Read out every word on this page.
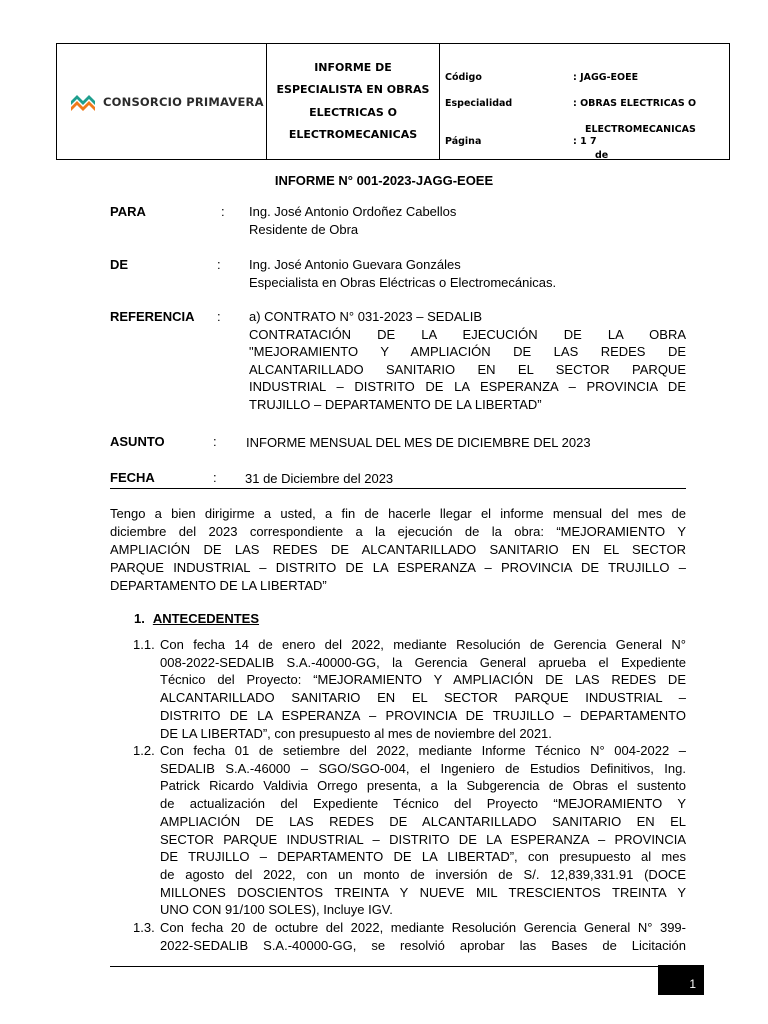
CONSORCIO PRIMAVERA
INFORME DE
ESPECIALISTA EN OBRAS
ELECTRICAS O
ELECTROMECANICAS
Código	: JAGG-EOEE
Especialidad	: OBRAS ELECTRICAS O
ELECTROMECANICAS
Página	: 1 7
de
INFORME N° 001-2023-JAGG-EOEE
PARA	: Ing. José Antonio Ordoñez Cabellos
Residente de Obra
DE	: Ing. José Antonio Guevara Gonzáles
Especialista en Obras Eléctricas o Electromecánicas.
REFERENCIA : a) CONTRATO N° 031-2023 – SEDALIB
CONTRATACIÓN DE LA EJECUCIÓN DE LA OBRA
"MEJORAMIENTO Y AMPLIACIÓN DE LAS REDES DE
ALCANTARILLADO SANITARIO EN EL SECTOR PARQUE
INDUSTRIAL – DISTRITO DE LA ESPERANZA – PROVINCIA DE
TRUJILLO – DEPARTAMENTO DE LA LIBERTAD”
ASUNTO	: INFORME MENSUAL DEL MES DE DICIEMBRE DEL 2023
FECHA	: 31 de Diciembre del 2023
Tengo a bien dirigirme a usted, a fin de hacerle llegar el informe mensual del mes de
diciembre del 2023 correspondiente a la ejecución de la obra: “MEJORAMIENTO Y
AMPLIACIÓN DE LAS REDES DE ALCANTARILLADO SANITARIO EN EL SECTOR
PARQUE INDUSTRIAL – DISTRITO DE LA ESPERANZA – PROVINCIA DE TRUJILLO –
DEPARTAMENTO DE LA LIBERTAD”
1. ANTECEDENTES
1.1. Con fecha 14 de enero del 2022, mediante Resolución de Gerencia General N°
008-2022-SEDALIB S.A.-40000-GG, la Gerencia General aprueba el Expediente
Técnico del Proyecto: “MEJORAMIENTO Y AMPLIACIÓN DE LAS REDES DE
ALCANTARILLADO SANITARIO EN EL SECTOR PARQUE INDUSTRIAL –
DISTRITO DE LA ESPERANZA – PROVINCIA DE TRUJILLO – DEPARTAMENTO
DE LA LIBERTAD”, con presupuesto al mes de noviembre del 2021.
1.2. Con fecha 01 de setiembre del 2022, mediante Informe Técnico N° 004-2022 –
SEDALIB S.A.-46000 – SGO/SGO-004, el Ingeniero de Estudios Definitivos, Ing.
Patrick Ricardo Valdivia Orrego presenta, a la Subgerencia de Obras el sustento
de actualización del Expediente Técnico del Proyecto “MEJORAMIENTO Y
AMPLIACIÓN DE LAS REDES DE ALCANTARILLADO SANITARIO EN EL
SECTOR PARQUE INDUSTRIAL – DISTRITO DE LA ESPERANZA – PROVINCIA
DE TRUJILLO – DEPARTAMENTO DE LA LIBERTAD”, con presupuesto al mes
de agosto del 2022, con un monto de inversión de S/. 12,839,331.91 (DOCE
MILLONES DOSCIENTOS TREINTA Y NUEVE MIL TRESCIENTOS TREINTA Y
UNO CON 91/100 SOLES), Incluye IGV.
1.3. Con fecha 20 de octubre del 2022, mediante Resolución Gerencia General N° 399-
2022-SEDALIB S.A.-40000-GG, se resolvió aprobar las Bases de Licitación
1
